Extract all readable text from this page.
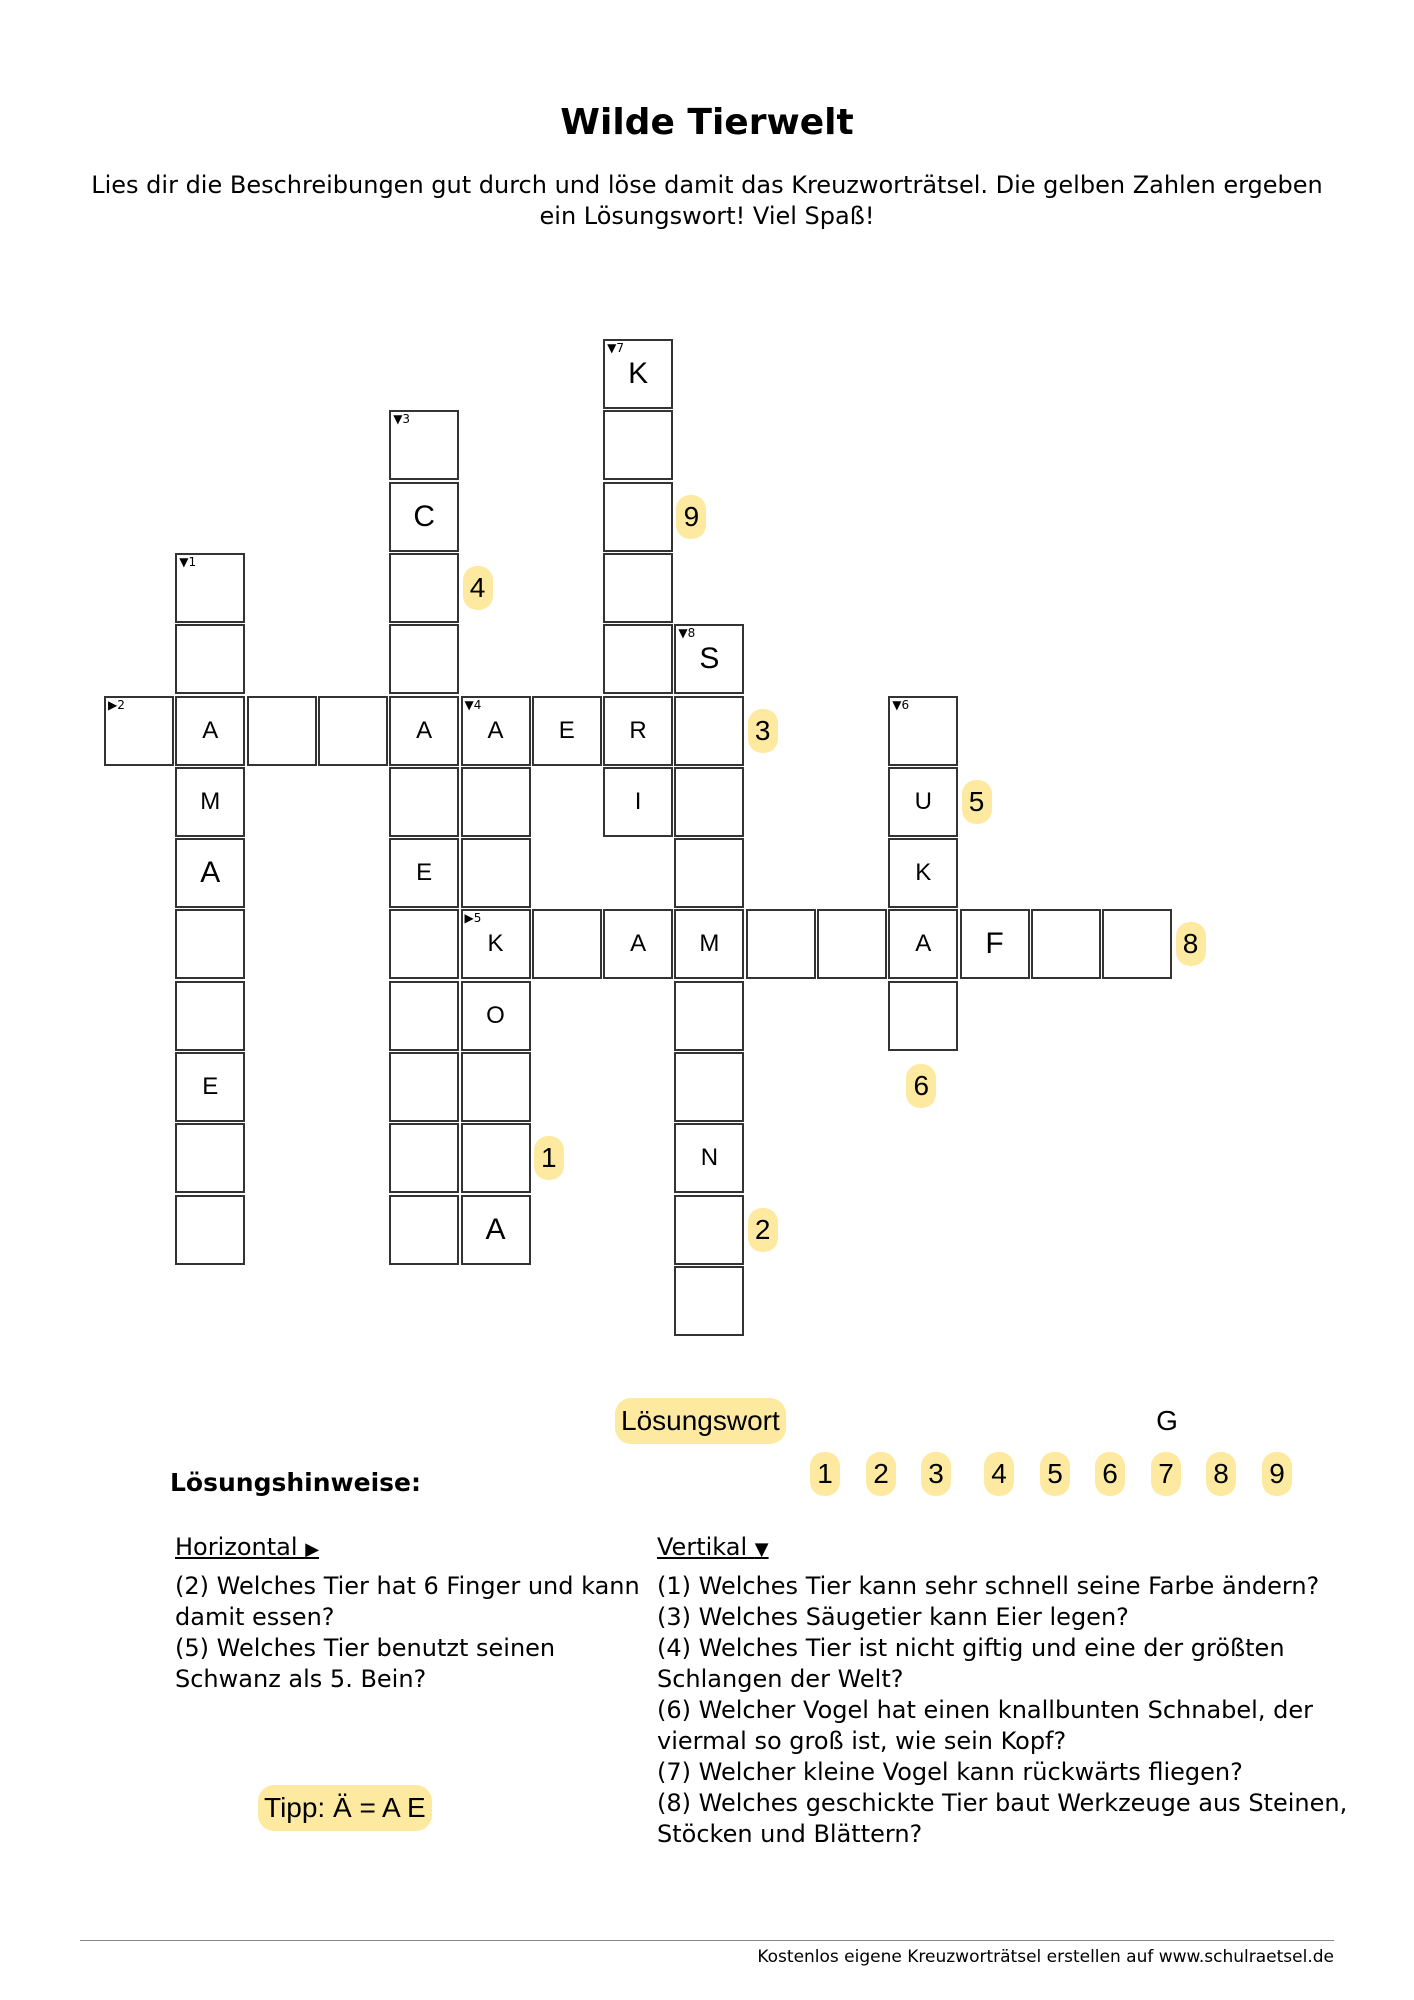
Wilde Tierwelt
Lies dir die Beschreibungen gut durch und löse damit das Kreuzworträtsel. Die gelben Zahlen ergeben ein Lösungswort! Viel Spaß!
▼7
K
R
I
▼3
C
A
E
▼1
A
M
A
E
▶2	▼4
A	E
▶5
K
O
A
▼8
S
M
N
A	F
▼6
U
K
A
9
4
3
5
8
6
1
2
Lösungswort	G
1 2 3 4 5 6 7 8 9
Lösungshinweise:
Horizontal ▶

(2) Welches Tier hat 6 Finger und kann damit essen?

(5) Welches Tier benutzt seinen Schwanz als 5. Bein?

Vertikal ▼

(1) Welches Tier kann sehr schnell seine Farbe ändern?

(3) Welches Säugetier kann Eier legen?

(4) Welches Tier ist nicht giftig und eine der größten Schlangen der Welt?

(6) Welcher Vogel hat einen knallbunten Schnabel, der viermal so groß ist, wie sein Kopf?

(7) Welcher kleine Vogel kann rückwärts fliegen?

(8) Welches geschickte Tier baut Werkzeuge aus Steinen, Stöcken und Blättern?

Tipp: Ä = A E
Kostenlos eigene Kreuzworträtsel erstellen auf www.schulraetsel.de
